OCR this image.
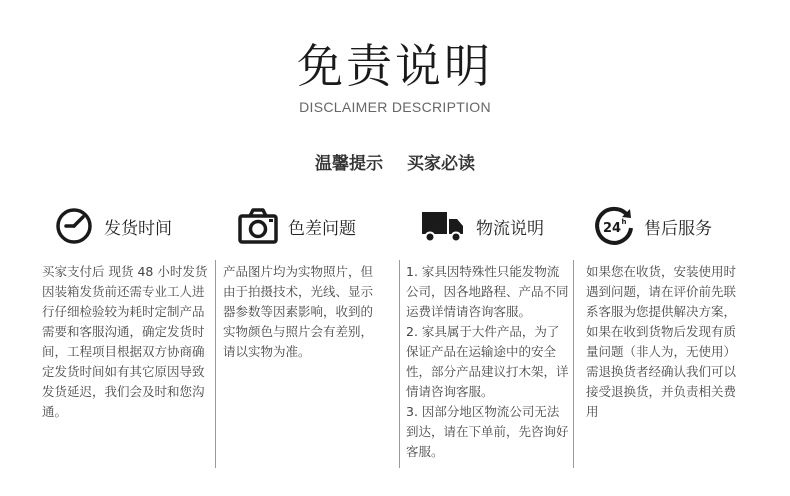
免责说明
DISCLAIMER DESCRIPTION
温馨提示 买家必读
发货时间

买家支付后 现货 48 小时发货 因装箱发货前还需专业工人进行仔细检验较为耗时定制产品需要和客服沟通，确定发货时间，工程项目根据双方协商确定发货时间如有其它原因导致发货延迟，我们会及时和您沟通。

色差问题

产品图片均为实物照片，但由于拍摄技术，光线、显示器参数等因素影响，收到的实物颜色与照片会有差别，请以实物为准。

物流说明

1. 家具因特殊性只能发物流公司，因各地路程、产品不同运费详情请咨询客服。

2. 家具属于大件产品，为了保证产品在运输途中的安全性，部分产品建议打木架，详情请咨询客服。

3. 因部分地区物流公司无法到达，请在下单前，先咨询好客服。

24 h 售后服务

如果您在收货，安装使用时遇到问题，请在评价前先联系客服为您提供解决方案，如果在收到货物后发现有质量问题（非人为，无使用）需退换货者经确认我们可以接受退换货，并负责相关费用
